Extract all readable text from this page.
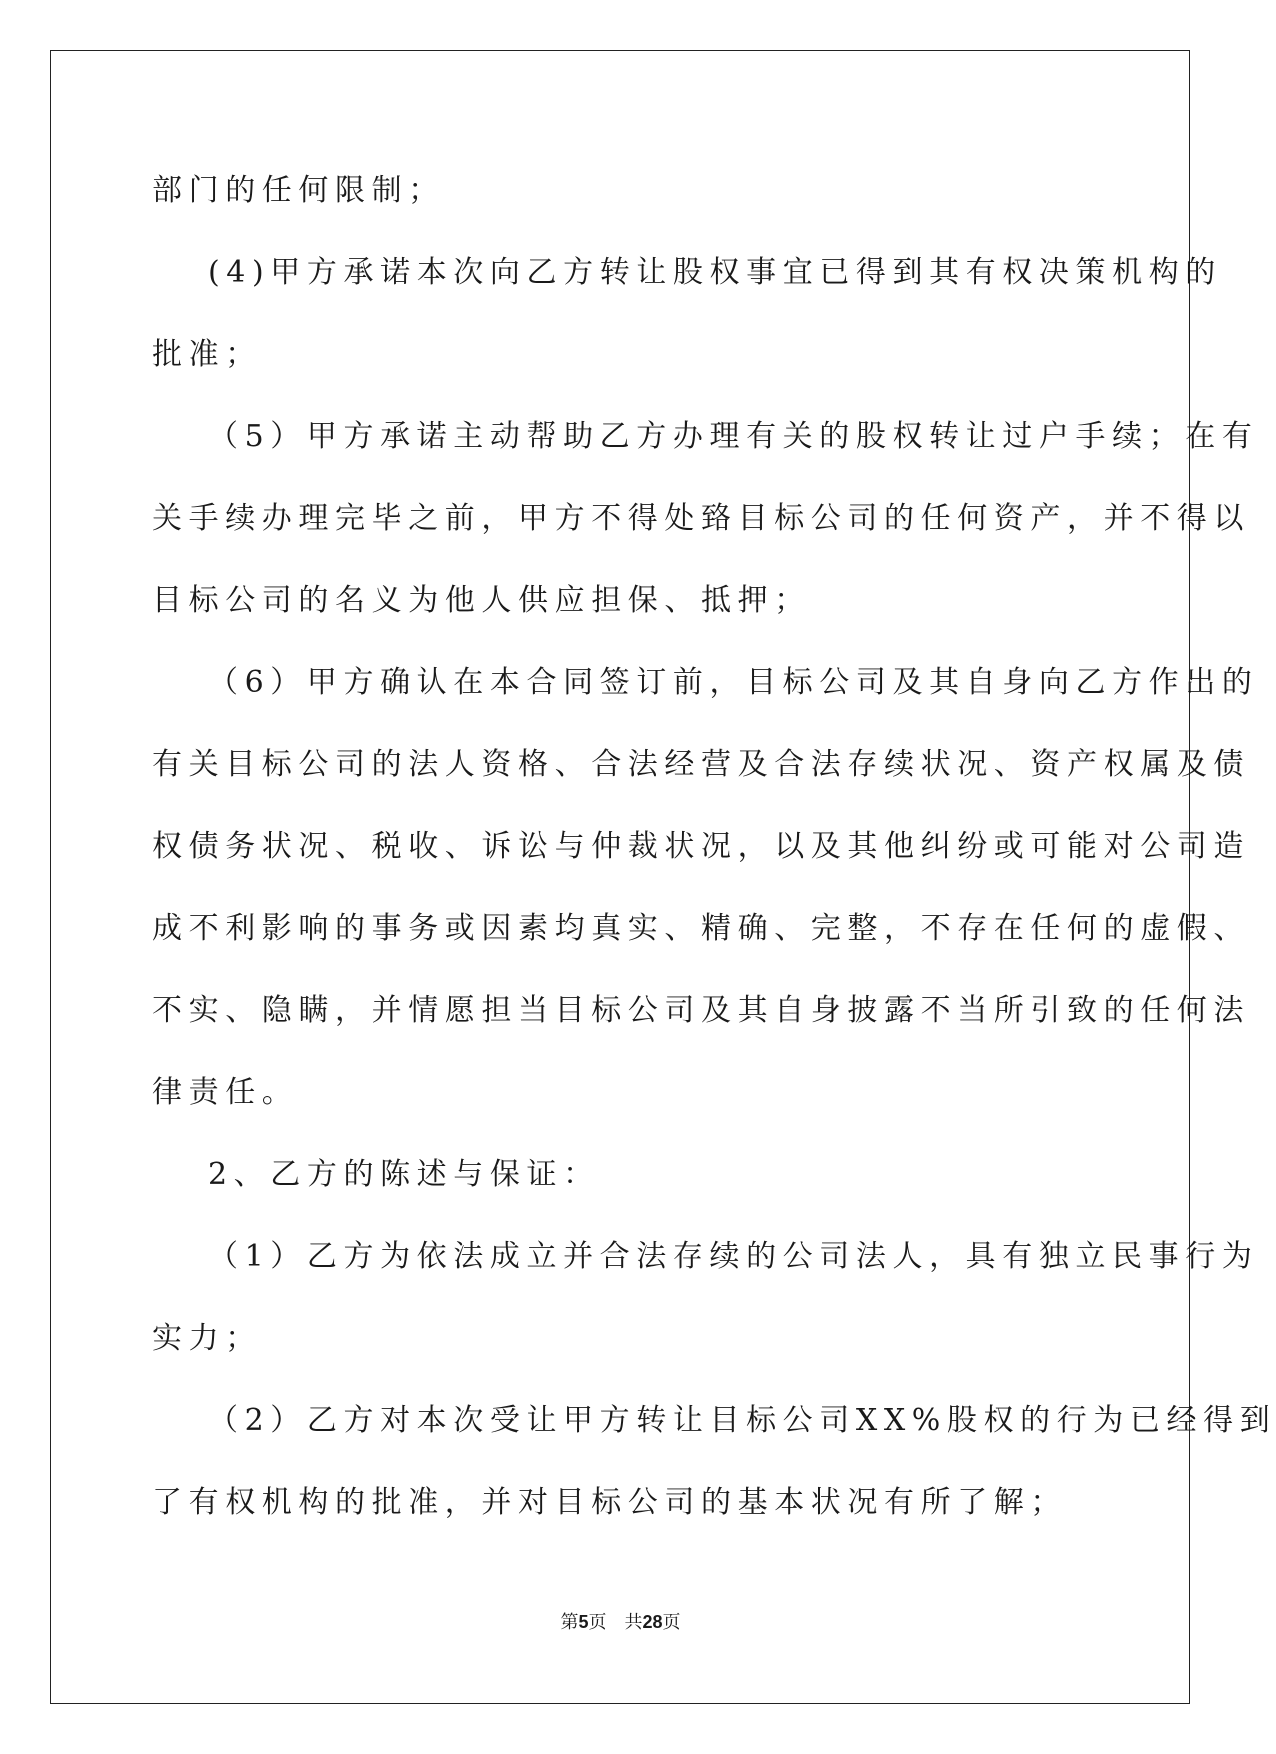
部门的任何限制；
(4)甲方承诺本次向乙方转让股权事宜已得到其有权决策机构的
批准；
（5）甲方承诺主动帮助乙方办理有关的股权转让过户手续；在有
关手续办理完毕之前，甲方不得处臵目标公司的任何资产，并不得以
目标公司的名义为他人供应担保、抵押；
（6）甲方确认在本合同签订前，目标公司及其自身向乙方作出的
有关目标公司的法人资格、合法经营及合法存续状况、资产权属及债
权债务状况、税收、诉讼与仲裁状况，以及其他纠纷或可能对公司造
成不利影响的事务或因素均真实、精确、完整，不存在任何的虚假、
不实、隐瞒，并情愿担当目标公司及其自身披露不当所引致的任何法
律责任。
2、乙方的陈述与保证：
（1）乙方为依法成立并合法存续的公司法人，具有独立民事行为
实力；
（2）乙方对本次受让甲方转让目标公司XX%股权的行为已经得到
了有权机构的批准，并对目标公司的基本状况有所了解；
第5页 共28页
